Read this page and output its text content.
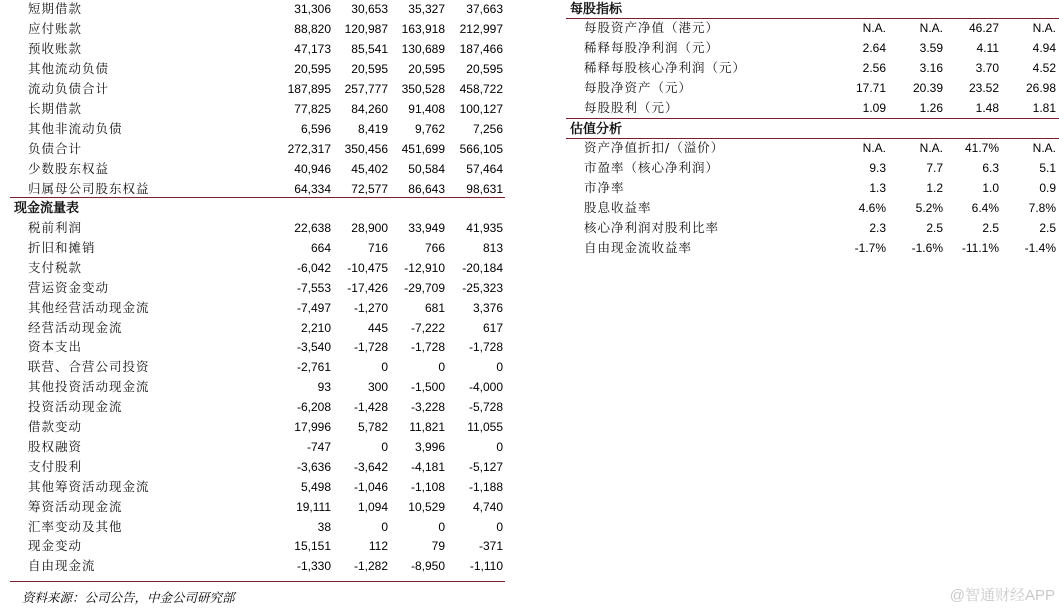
短期借款	31,306	30,653	35,327	37,663
应付账款	88,820	120,987	163,918	212,997
预收账款	47,173	85,541	130,689	187,466
其他流动负债	20,595	20,595	20,595	20,595
流动负债合计	187,895	257,777	350,528	458,722
长期借款	77,825	84,260	91,408	100,127
其他非流动负债	6,596	8,419	9,762	7,256
负债合计	272,317	350,456	451,699	566,105
少数股东权益	40,946	45,402	50,584	57,464
归属母公司股东权益	64,334	72,577	86,643	98,631
现金流量表
税前利润	22,638	28,900	33,949	41,935
折旧和摊销	664	716	766	813
支付税款	-6,042	-10,475	-12,910	-20,184
营运资金变动	-7,553	-17,426	-29,709	-25,323
其他经营活动现金流	-7,497	-1,270	681	3,376
经营活动现金流	2,210	445	-7,222	617
资本支出	-3,540	-1,728	-1,728	-1,728
联营、合营公司投资	-2,761	0	0	0
其他投资活动现金流	93	300	-1,500	-4,000
投资活动现金流	-6,208	-1,428	-3,228	-5,728
借款变动	17,996	5,782	11,821	11,055
股权融资	-747	0	3,996	0
支付股利	-3,636	-3,642	-4,181	-5,127
其他筹资活动现金流	5,498	-1,046	-1,108	-1,188
筹资活动现金流	19,111	1,094	10,529	4,740
汇率变动及其他	38	0	0	0
现金变动	15,151	112	79	-371
自由现金流	-1,330	-1,282	-8,950	-1,110
每股指标
每股资产净值（港元）	N.A.	N.A.	46.27	N.A.
稀释每股净利润（元）	2.64	3.59	4.11	4.94
稀释每股核心净利润（元）	2.56	3.16	3.70	4.52
每股净资产（元）	17.71	20.39	23.52	26.98
每股股利（元）	1.09	1.26	1.48	1.81
估值分析
资产净值折扣/（溢价）	N.A.	N.A.	41.7%	N.A.
市盈率（核心净利润）	9.3	7.7	6.3	5.1
市净率	1.3	1.2	1.0	0.9
股息收益率	4.6%	5.2%	6.4%	7.8%
核心净利润对股利比率	2.3	2.5	2.5	2.5
自由现金流收益率	-1.7%	-1.6%	-11.1%	-1.4%
资料来源：公司公告，中金公司研究部	@智通财经APP
